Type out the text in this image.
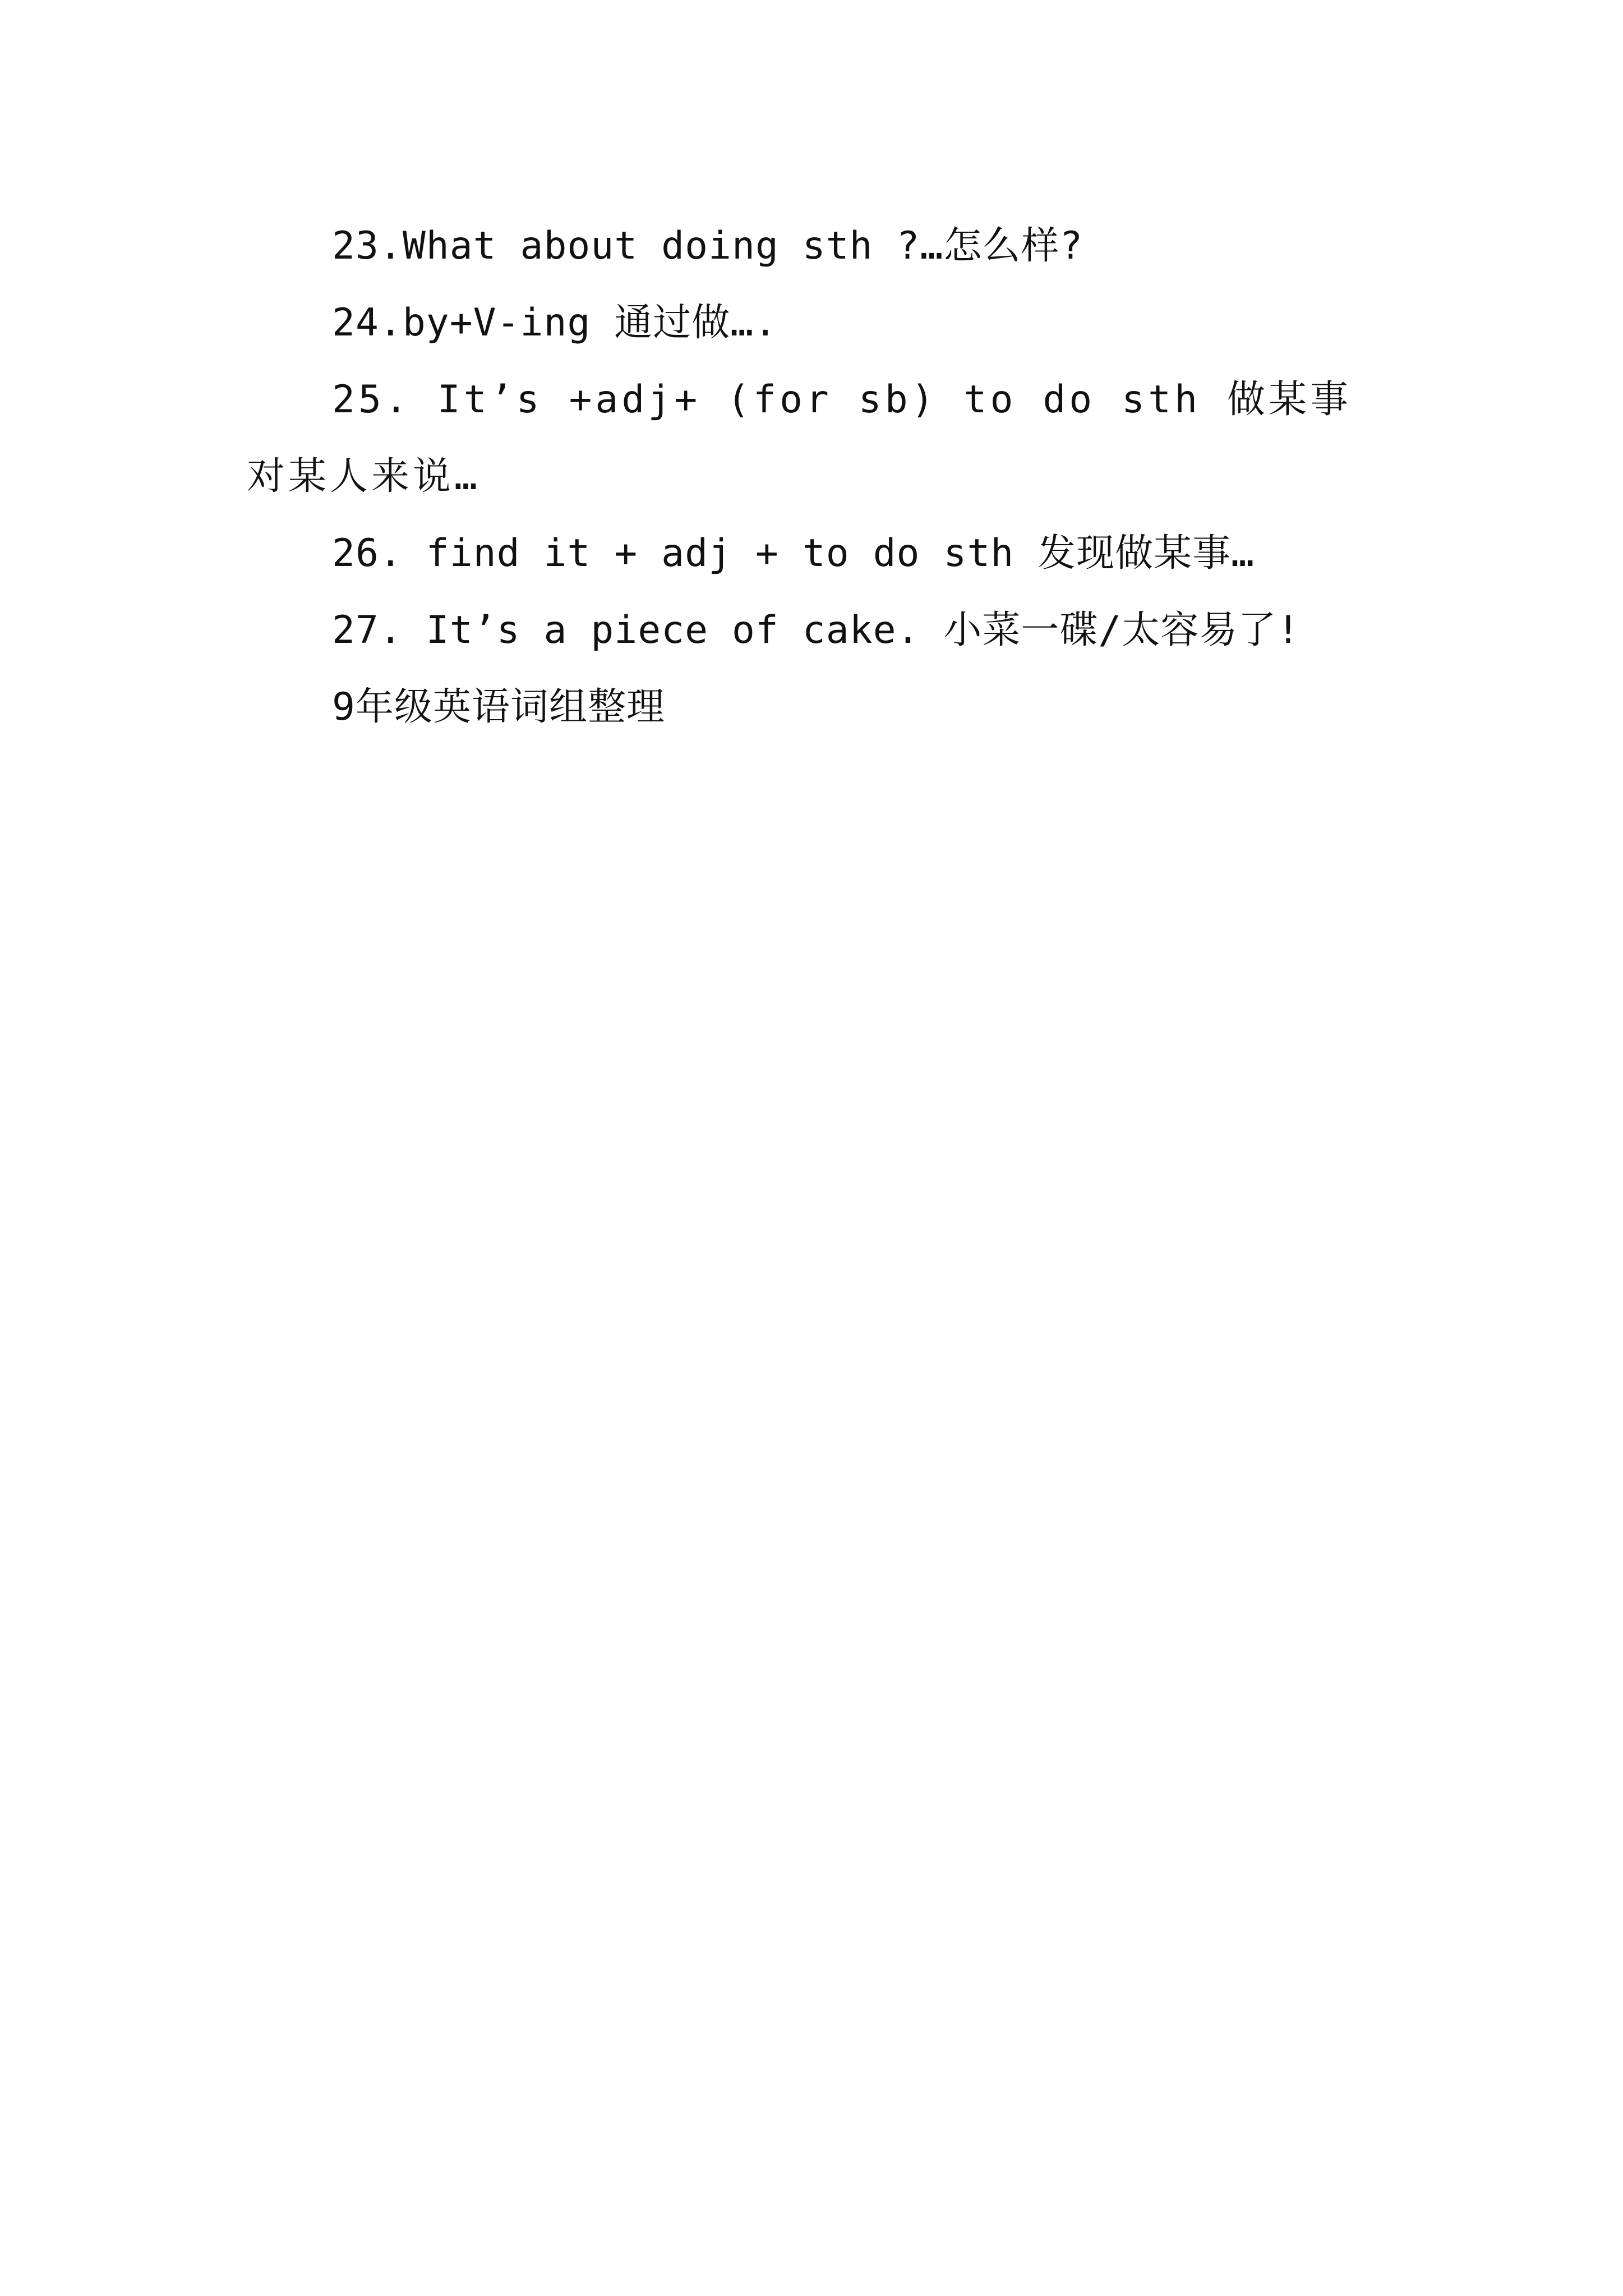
23.What about doing sth ?…怎么样?

24.by+V-ing 通过做….

25. It’s +adj+ (for sb) to do sth 做某事对某人来说…

26. find it + adj + to do sth 发现做某事…

27. It’s a piece of cake. 小菜一碟/太容易了!

9年级英语词组整理
